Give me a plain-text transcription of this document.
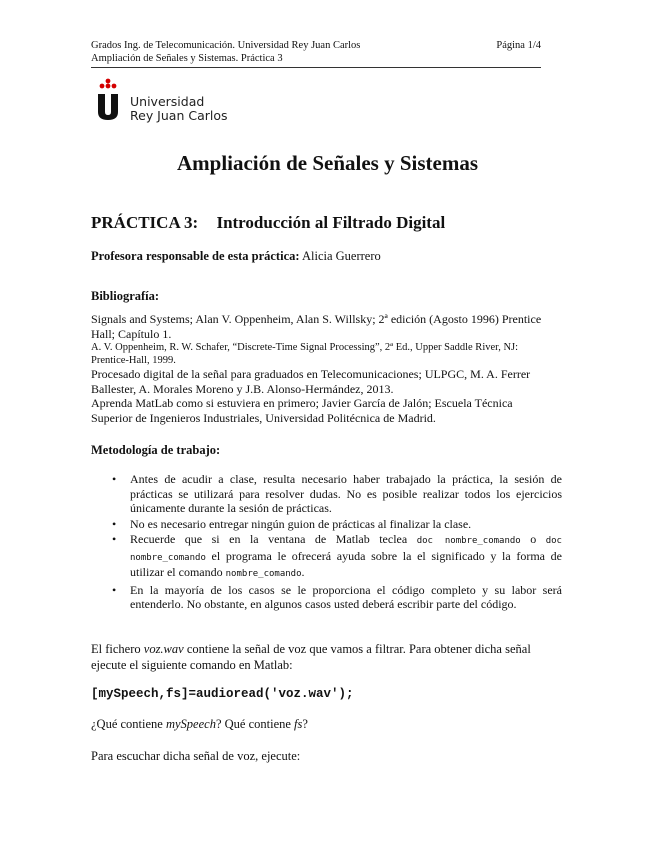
Grados Ing. de Telecomunicación. Universidad Rey Juan Carlos	Página 1/4
Ampliación de Señales y Sistemas. Práctica 3
Universidad
Rey Juan Carlos
Ampliación de Señales y Sistemas
PRÁCTICA 3: Introducción al Filtrado Digital
Profesora responsable de esta práctica: Alicia Guerrero
Bibliografía:
Signals and Systems; Alan V. Oppenheim, Alan S. Willsky; 2ª edición (Agosto 1996) Prentice Hall; Capítulo 1.
A. V. Oppenheim, R. W. Schafer, “Discrete-Time Signal Processing”, 2ª Ed., Upper Saddle River, NJ: Prentice-Hall, 1999.
Procesado digital de la señal para graduados en Telecomunicaciones; ULPGC, M. A. Ferrer Ballester, A. Morales Moreno y J.B. Alonso-Hermández, 2013.
Aprenda MatLab como si estuviera en primero; Javier García de Jalón; Escuela Técnica Superior de Ingenieros Industriales, Universidad Politécnica de Madrid.
Metodología de trabajo:
• Antes de acudir a clase, resulta necesario haber trabajado la práctica, la sesión de prácticas se utilizará para resolver dudas. No es posible realizar todos los ejercicios únicamente durante la sesión de prácticas.
• No es necesario entregar ningún guion de prácticas al finalizar la clase.
• Recuerde que si en la ventana de Matlab teclea doc nombre_comando o doc nombre_comando el programa le ofrecerá ayuda sobre la el significado y la forma de utilizar el comando nombre_comando.
• En la mayoría de los casos se le proporciona el código completo y su labor será entenderlo. No obstante, en algunos casos usted deberá escribir parte del código.
El fichero voz.wav contiene la señal de voz que vamos a filtrar. Para obtener dicha señal ejecute el siguiente comando en Matlab:
[mySpeech,fs]=audioread('voz.wav');
¿Qué contiene mySpeech? Qué contiene fs?
Para escuchar dicha señal de voz, ejecute:
